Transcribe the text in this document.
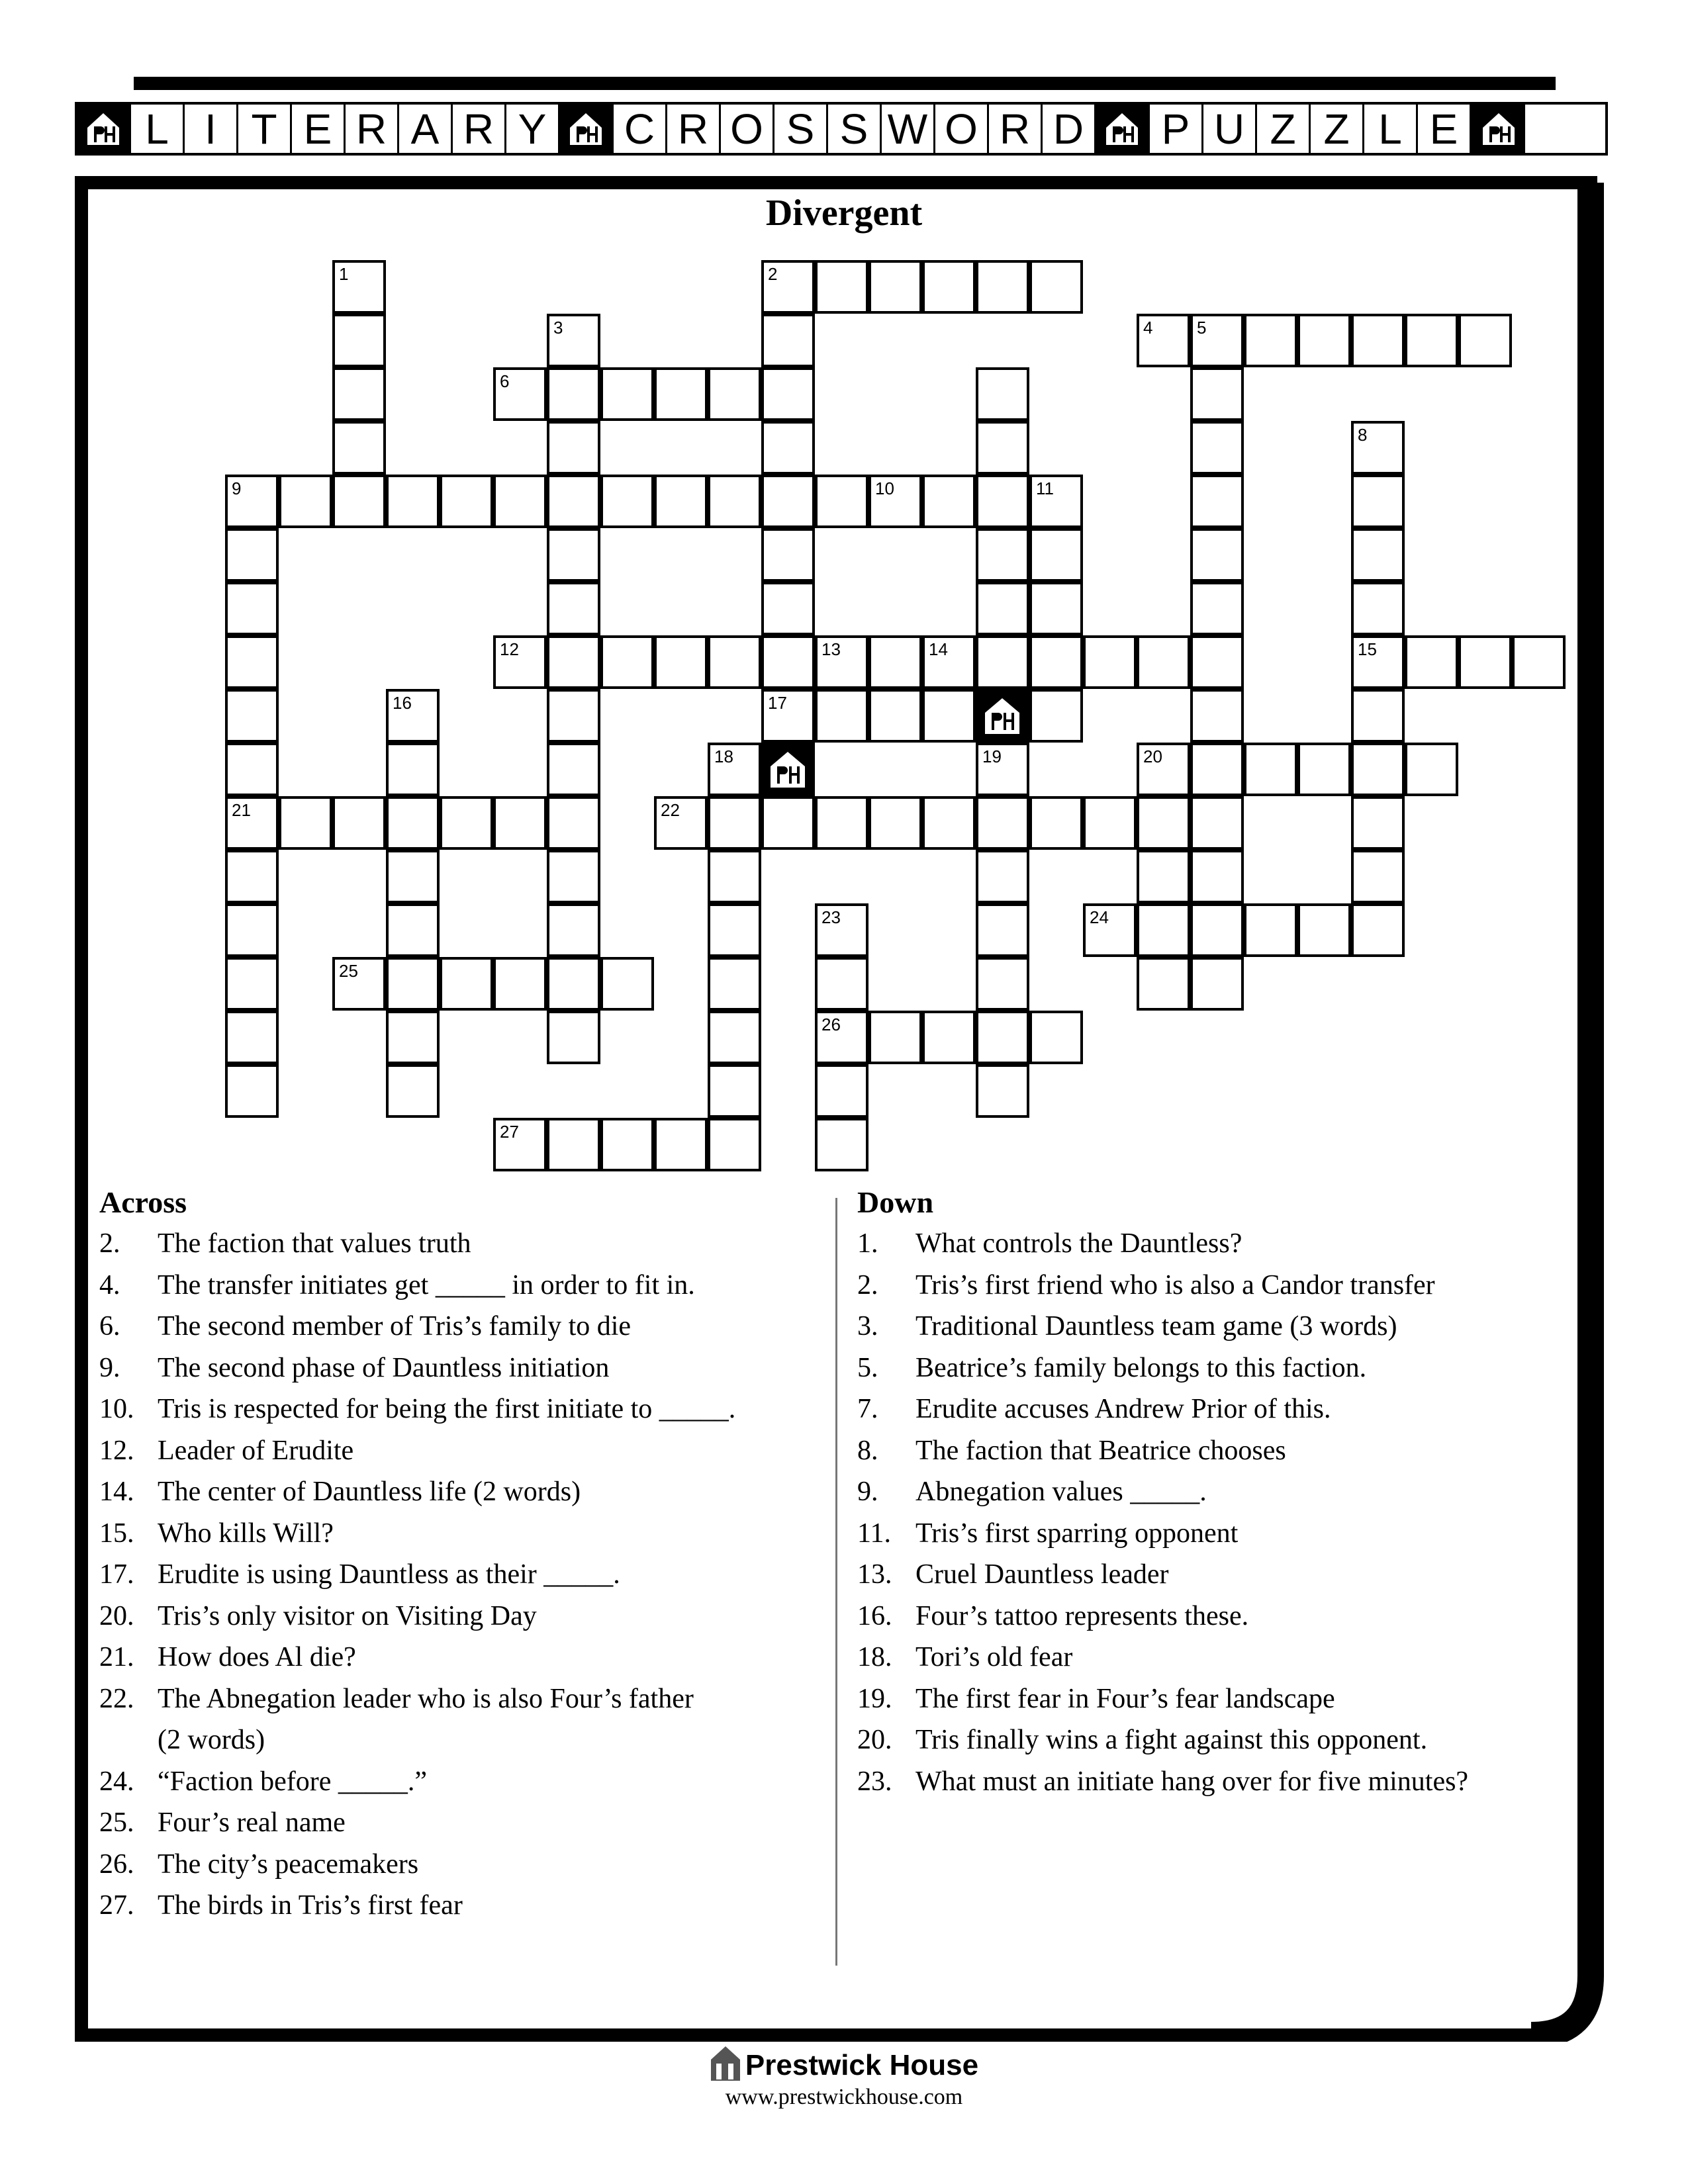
L I T E R A R Y	C R O S S W O R D P U Z Z L E
Divergent
2
4	5
6
9	10	11
12	13	14	15
17
18	20
21	22
24
25
26
27
1
3
19
8
16
23
Across
2. The faction that values truth
4. The transfer initiates get _____ in order to fit in.
6. The second member of Tris’s family to die
9. The second phase of Dauntless initiation
10. Tris is respected for being the first initiate to _____.
12. Leader of Erudite
14. The center of Dauntless life (2 words)
15. Who kills Will?
17. Erudite is using Dauntless as their _____.
20. Tris’s only visitor on Visiting Day
21. How does Al die?
22. The Abnegation leader who is also Four’s father
(2 words)
24. “Faction before _____.”
25. Four’s real name
26. The city’s peacemakers
27. The birds in Tris’s first fear
Down
1. What controls the Dauntless?
2. Tris’s first friend who is also a Candor transfer
3. Traditional Dauntless team game (3 words)
5. Beatrice’s family belongs to this faction.
7. Erudite accuses Andrew Prior of this.
8. The faction that Beatrice chooses
9. Abnegation values _____.
11. Tris’s first sparring opponent
13. Cruel Dauntless leader
16. Four’s tattoo represents these.
18. Tori’s old fear
19. The first fear in Four’s fear landscape
20. Tris finally wins a fight against this opponent.
23. What must an initiate hang over for five minutes?
Prestwick House
www.prestwickhouse.com
